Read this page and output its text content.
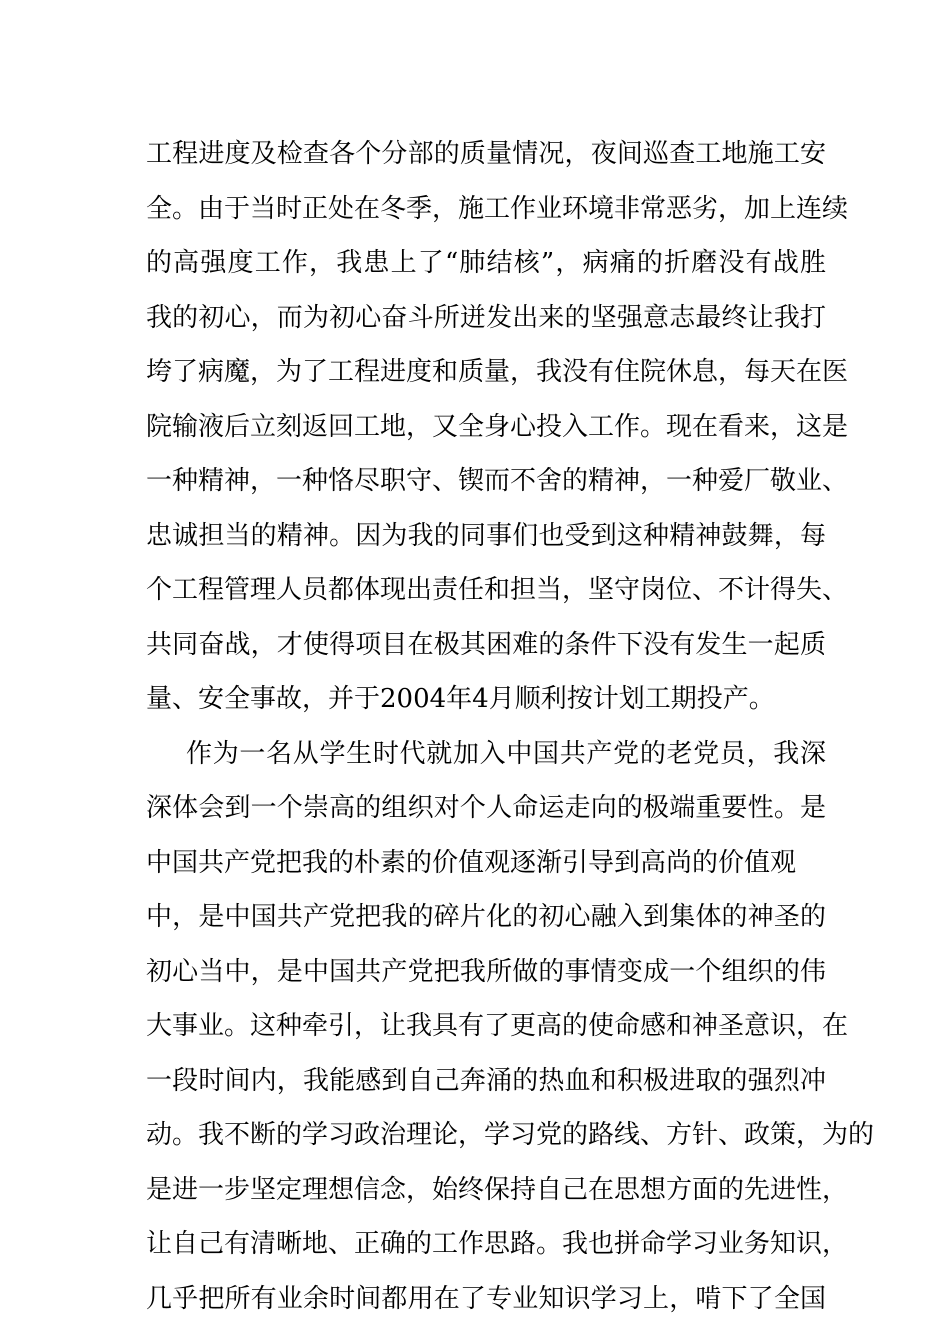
工程进度及检查各个分部的质量情况，夜间巡查工地施工安
全。由于当时正处在冬季，施工作业环境非常恶劣，加上连续
的高强度工作，我患上了“肺结核”，病痛的折磨没有战胜
我的初心，而为初心奋斗所迸发出来的坚强意志最终让我打
垮了病魔，为了工程进度和质量，我没有住院休息，每天在医
院输液后立刻返回工地，又全身心投入工作。现在看来，这是
一种精神，一种恪尽职守、锲而不舍的精神，一种爱厂敬业、
忠诚担当的精神。因为我的同事们也受到这种精神鼓舞，每
个工程管理人员都体现出责任和担当，坚守岗位、不计得失、
共同奋战，才使得项目在极其困难的条件下没有发生一起质
量、安全事故，并于2004年4月顺利按计划工期投产。
作为一名从学生时代就加入中国共产党的老党员，我深
深体会到一个崇高的组织对个人命运走向的极端重要性。是
中国共产党把我的朴素的价值观逐渐引导到高尚的价值观
中，是中国共产党把我的碎片化的初心融入到集体的神圣的
初心当中，是中国共产党把我所做的事情变成一个组织的伟
大事业。这种牵引，让我具有了更高的使命感和神圣意识，在
一段时间内，我能感到自己奔涌的热血和积极进取的强烈冲
动。我不断的学习政治理论，学习党的路线、方针、政策，为的
是进一步坚定理想信念，始终保持自己在思想方面的先进性，
让自己有清晰地、正确的工作思路。我也拼命学习业务知识，
几乎把所有业余时间都用在了专业知识学习上，啃下了全国
